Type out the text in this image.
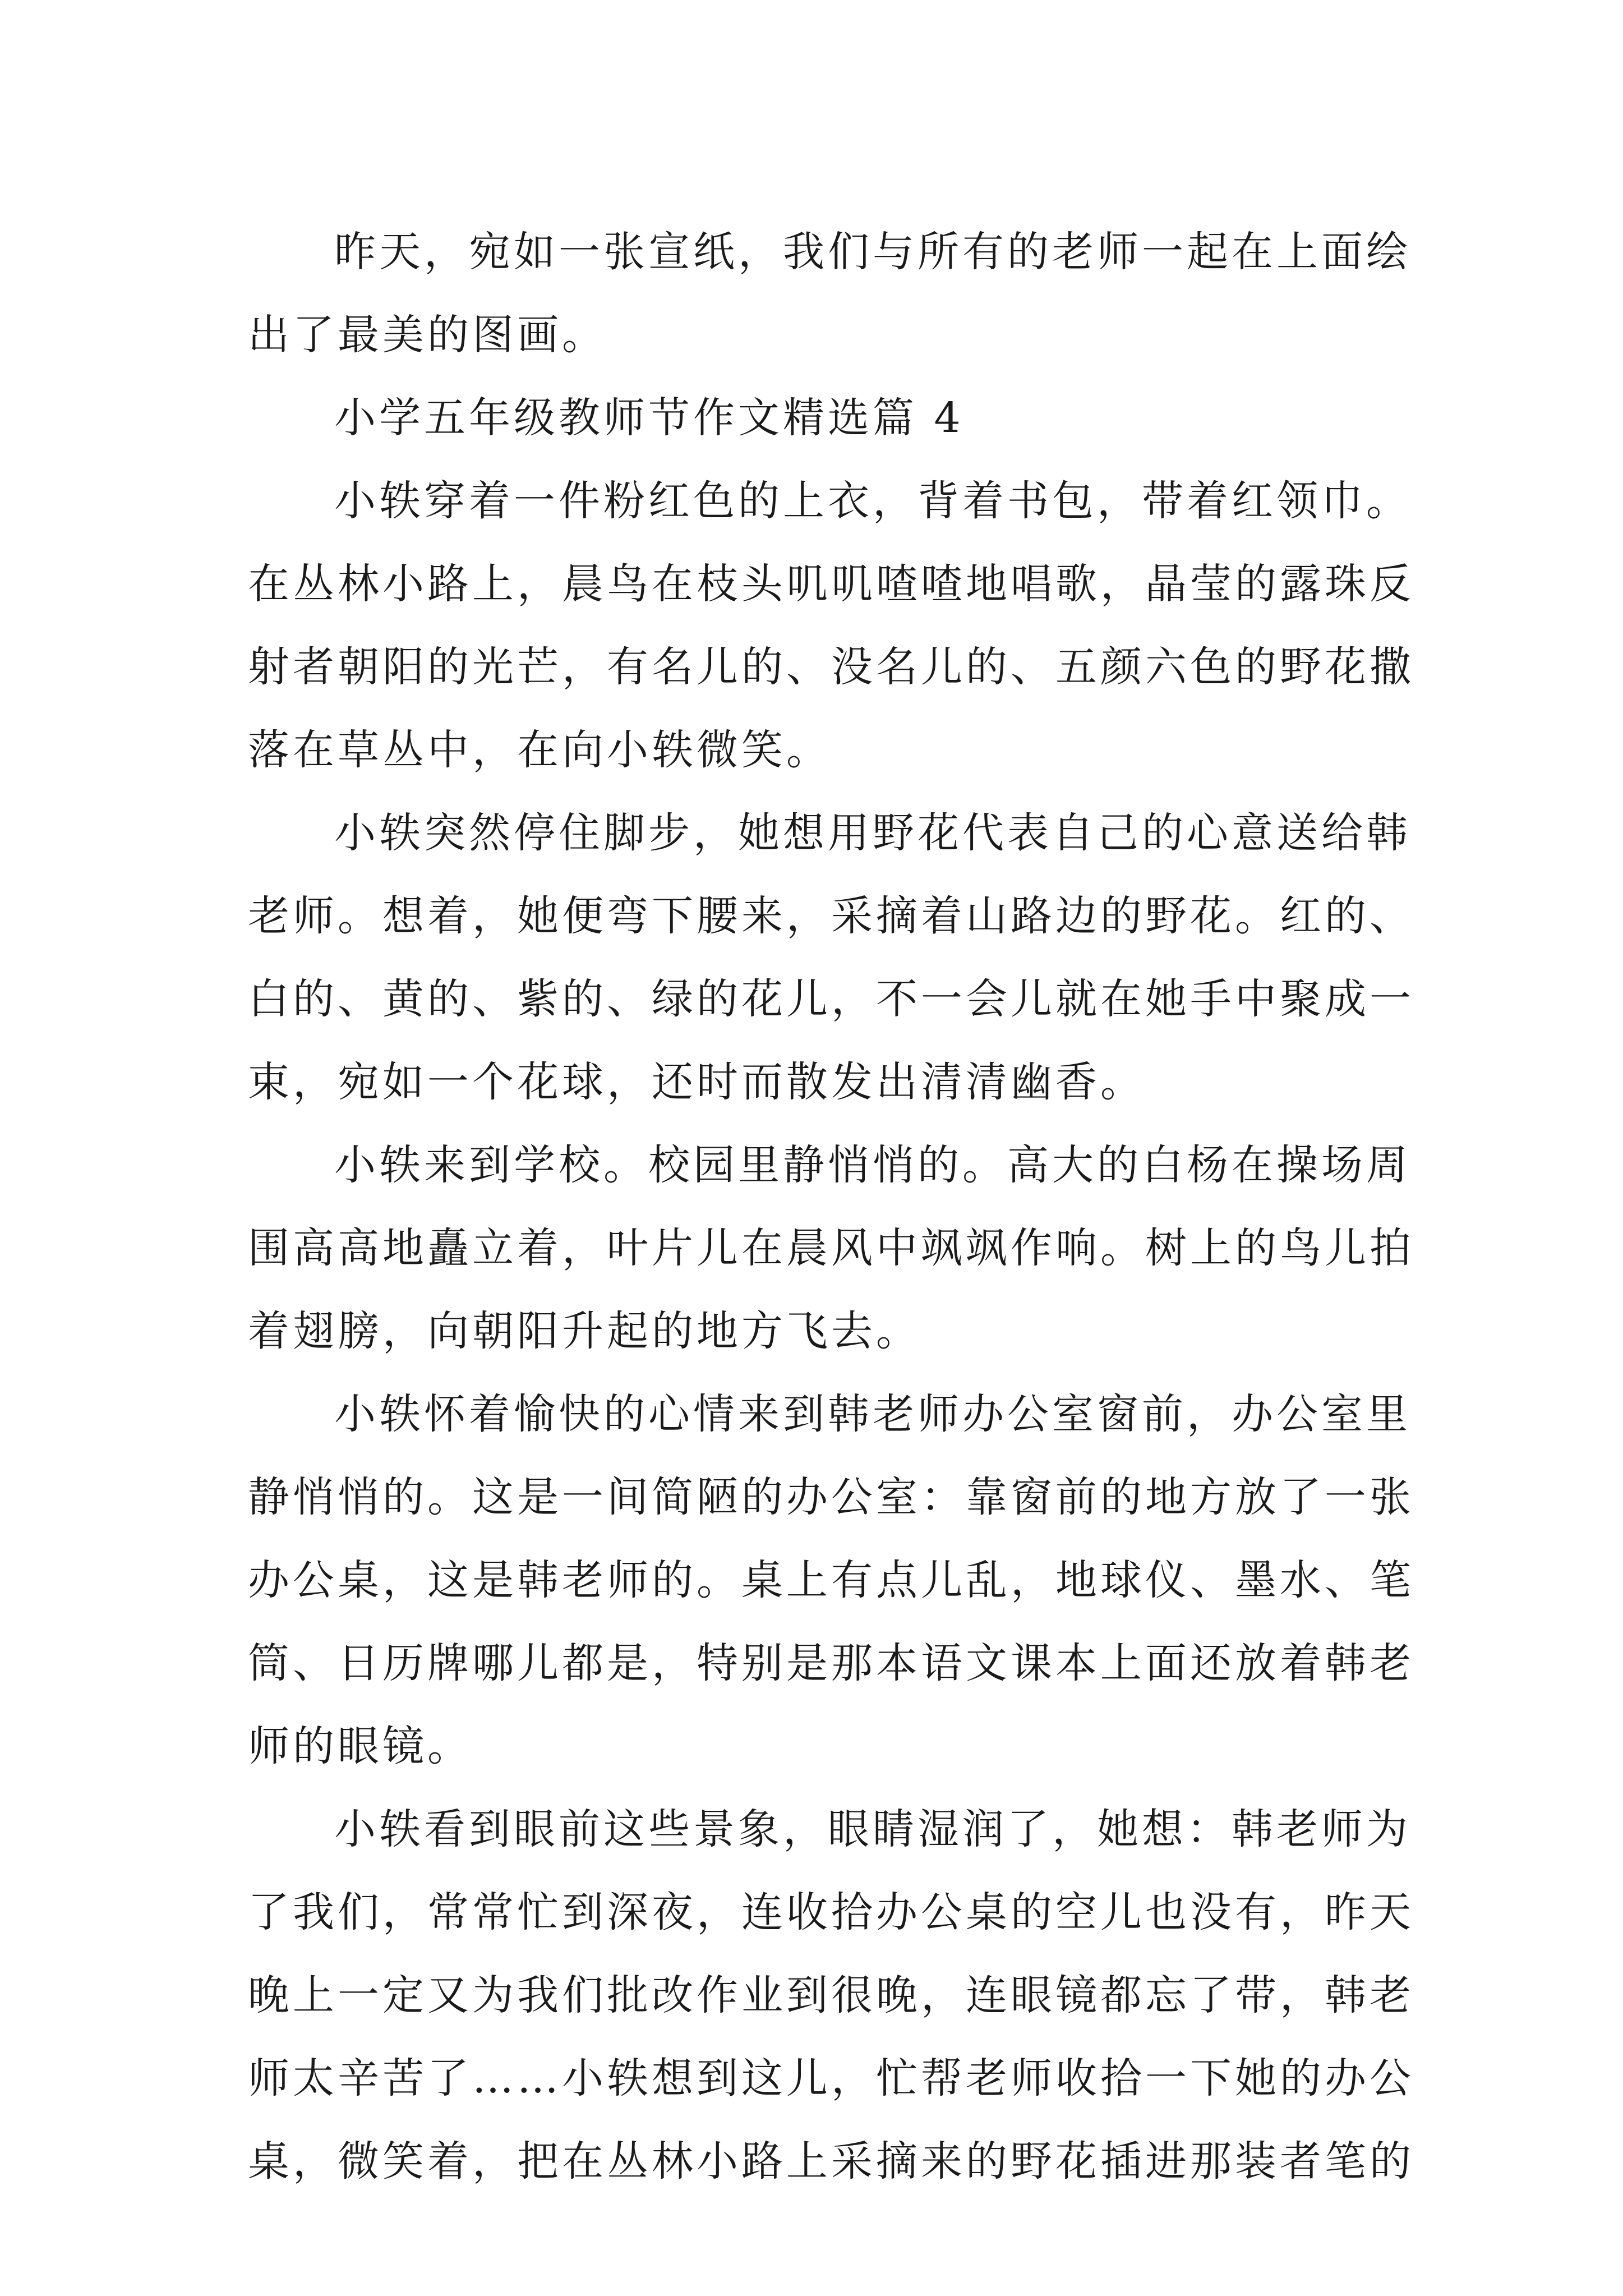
昨天，宛如一张宣纸，我们与所有的老师一起在上面绘
出了最美的图画。
小学五年级教师节作文精选篇 4
小轶穿着一件粉红色的上衣，背着书包，带着红领巾。
在丛林小路上，晨鸟在枝头叽叽喳喳地唱歌，晶莹的露珠反
射者朝阳的光芒，有名儿的、没名儿的、五颜六色的野花撒
落在草丛中，在向小轶微笑。
小轶突然停住脚步，她想用野花代表自己的心意送给韩
老师。想着，她便弯下腰来，采摘着山路边的野花。红的、
白的、黄的、紫的、绿的花儿，不一会儿就在她手中聚成一
束，宛如一个花球，还时而散发出清清幽香。
小轶来到学校。校园里静悄悄的。高大的白杨在操场周
围高高地矗立着，叶片儿在晨风中飒飒作响。树上的鸟儿拍
着翅膀，向朝阳升起的地方飞去。
小轶怀着愉快的心情来到韩老师办公室窗前，办公室里
静悄悄的。这是一间简陋的办公室：靠窗前的地方放了一张
办公桌，这是韩老师的。桌上有点儿乱，地球仪、墨水、笔
筒、日历牌哪儿都是，特别是那本语文课本上面还放着韩老
师的眼镜。
小轶看到眼前这些景象，眼睛湿润了，她想：韩老师为
了我们，常常忙到深夜，连收拾办公桌的空儿也没有，昨天
晚上一定又为我们批改作业到很晚，连眼镜都忘了带，韩老
师太辛苦了……小轶想到这儿，忙帮老师收拾一下她的办公
桌，微笑着，把在丛林小路上采摘来的野花插进那装者笔的
